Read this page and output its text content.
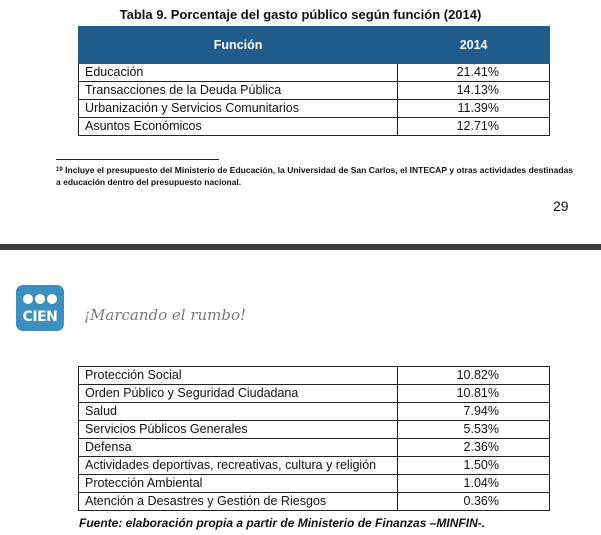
Tabla 9. Porcentaje del gasto público según función (2014)
Función	2014
Educación	21.41%
Transacciones de la Deuda Pública	14.13%
Urbanización y Servicios Comunitarios	11.39%
Asuntos Económicos	12.71%
$^{19}$ Incluye el presupuesto del Ministerio de Educación, la Universidad de San Carlos, el INTECAP y otras actividades destinadas a educación dentro del presupuesto nacional.
29
CIEN	¡Marcando el rumbo!
Protección Social	10.82%
Orden Público y Seguridad Ciudadana	10.81%
Salud	7.94%
Servicios Públicos Generales	5.53%
Defensa	2.36%
Actividades deportivas, recreativas, cultura y religión	1.50%
Protección Ambiental	1.04%
Atención a Desastres y Gestión de Riesgos	0.36%
Fuente: elaboración propia a partir de Ministerio de Finanzas –MINFIN-.
